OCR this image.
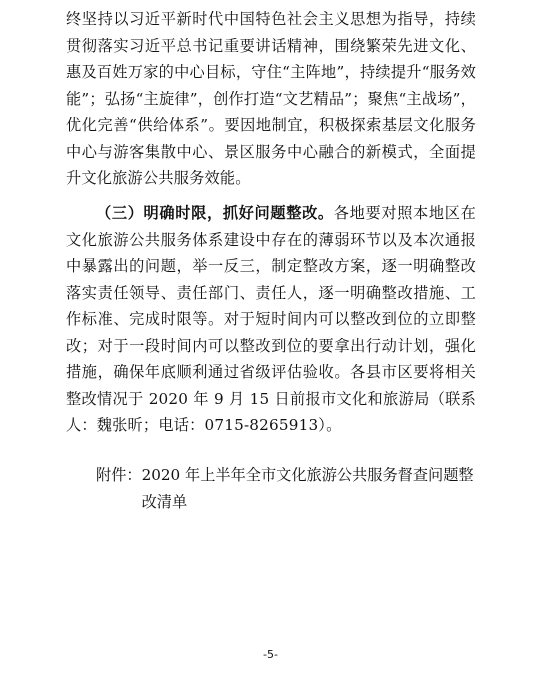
终坚持以习近平新时代中国特色社会主义思想为指导，持续贯彻落实习近平总书记重要讲话精神，围绕繁荣先进文化、惠及百姓万家的中心目标，守住“主阵地”，持续提升“服务效能”；弘扬“主旋律”，创作打造“文艺精品”；聚焦“主战场”，优化完善“供给体系”。要因地制宜，积极探索基层文化服务中心与游客集散中心、景区服务中心融合的新模式，全面提升文化旅游公共服务效能。

（三）明确时限，抓好问题整改。各地要对照本地区在文化旅游公共服务体系建设中存在的薄弱环节以及本次通报中暴露出的问题，举一反三，制定整改方案，逐一明确整改落实责任领导、责任部门、责任人，逐一明确整改措施、工作标准、完成时限等。对于短时间内可以整改到位的立即整改；对于一段时间内可以整改到位的要拿出行动计划，强化措施，确保年底顺利通过省级评估验收。各县市区要将相关整改情况于 2020 年 9 月 15 日前报市文化和旅游局（联系人：魏张昕；电话：0715-8265913）。

附件： 2020 年上半年全市文化旅游公共服务督查问题整改清单
-5-
